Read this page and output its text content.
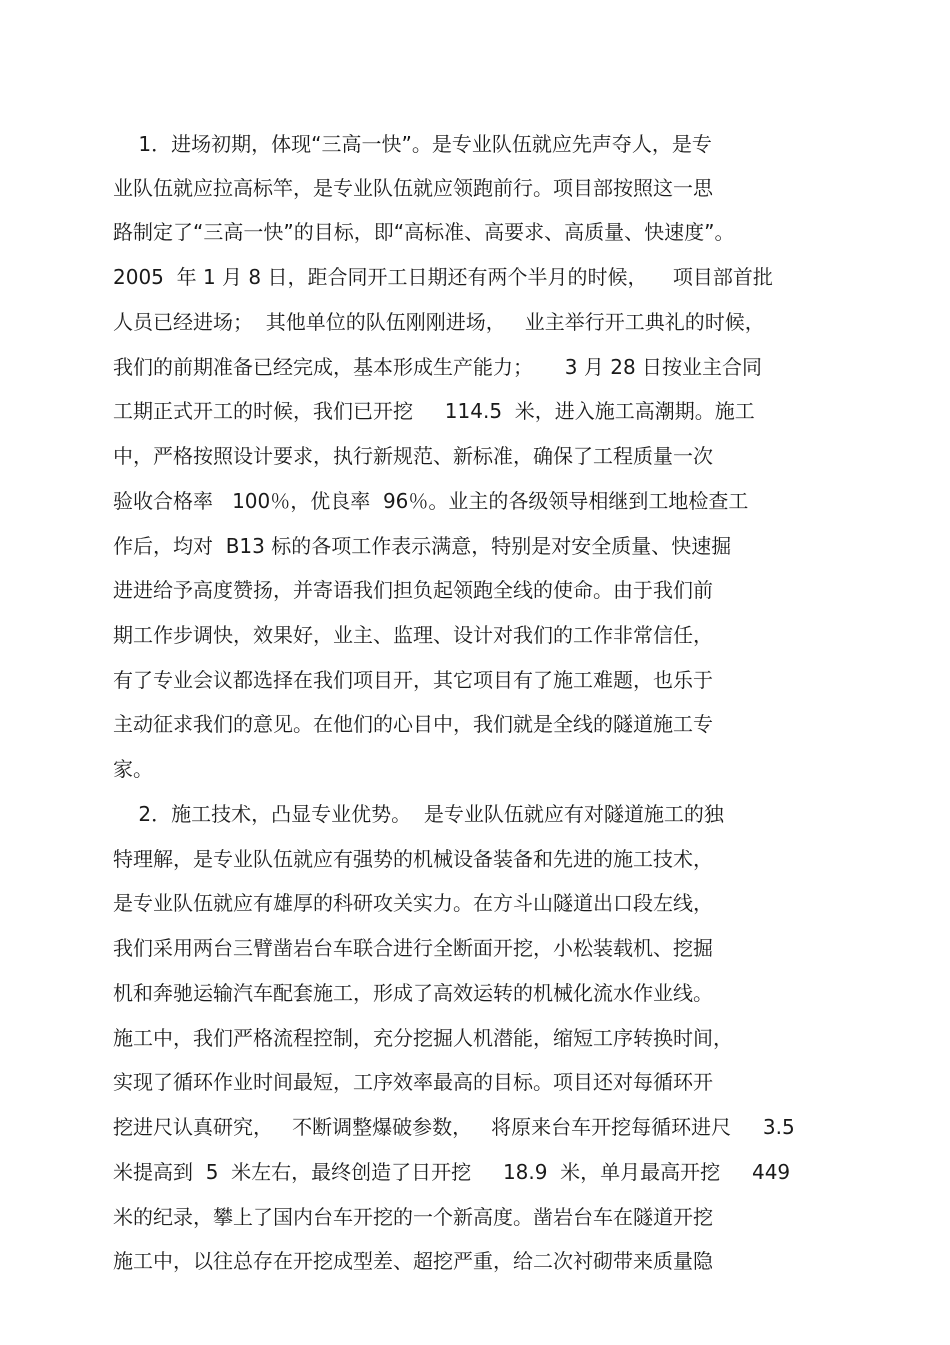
1．进场初期，体现“三高一快”。是专业队伍就应先声夺人，是专
业队伍就应拉高标竿，是专业队伍就应领跑前行。项目部按照这一思
路制定了“三高一快”的目标，即“高标准、高要求、高质量、快速度”。
2005  年 1 月 8 日，距合同开工日期还有两个半月的时候，    项目部首批
人员已经进场；  其他单位的队伍刚刚进场，   业主举行开工典礼的时候，
我们的前期准备已经完成，基本形成生产能力；     3 月 28 日按业主合同
工期正式开工的时候，我们已开挖     114.5  米，进入施工高潮期。施工
中，严格按照设计要求，执行新规范、新标准，确保了工程质量一次
验收合格率   100％，优良率  96％。业主的各级领导相继到工地检查工
作后，均对  B13 标的各项工作表示满意，特别是对安全质量、快速掘
进进给予高度赞扬，并寄语我们担负起领跑全线的使命。由于我们前
期工作步调快，效果好，业主、监理、设计对我们的工作非常信任，
有了专业会议都选择在我们项目开，其它项目有了施工难题，也乐于
主动征求我们的意见。在他们的心目中，我们就是全线的隧道施工专
家。
2．施工技术，凸显专业优势。  是专业队伍就应有对隧道施工的独
特理解，是专业队伍就应有强势的机械设备装备和先进的施工技术，
是专业队伍就应有雄厚的科研攻关实力。在方斗山隧道出口段左线，
我们采用两台三臂凿岩台车联合进行全断面开挖，小松装载机、挖掘
机和奔驰运输汽车配套施工，形成了高效运转的机械化流水作业线。
施工中，我们严格流程控制，充分挖掘人机潜能，缩短工序转换时间，
实现了循环作业时间最短，工序效率最高的目标。项目还对每循环开
挖进尺认真研究，   不断调整爆破参数，   将原来台车开挖每循环进尺     3.5
米提高到  5  米左右，最终创造了日开挖     18.9  米，单月最高开挖     449
米的纪录，攀上了国内台车开挖的一个新高度。凿岩台车在隧道开挖
施工中，以往总存在开挖成型差、超挖严重，给二次衬砌带来质量隐
